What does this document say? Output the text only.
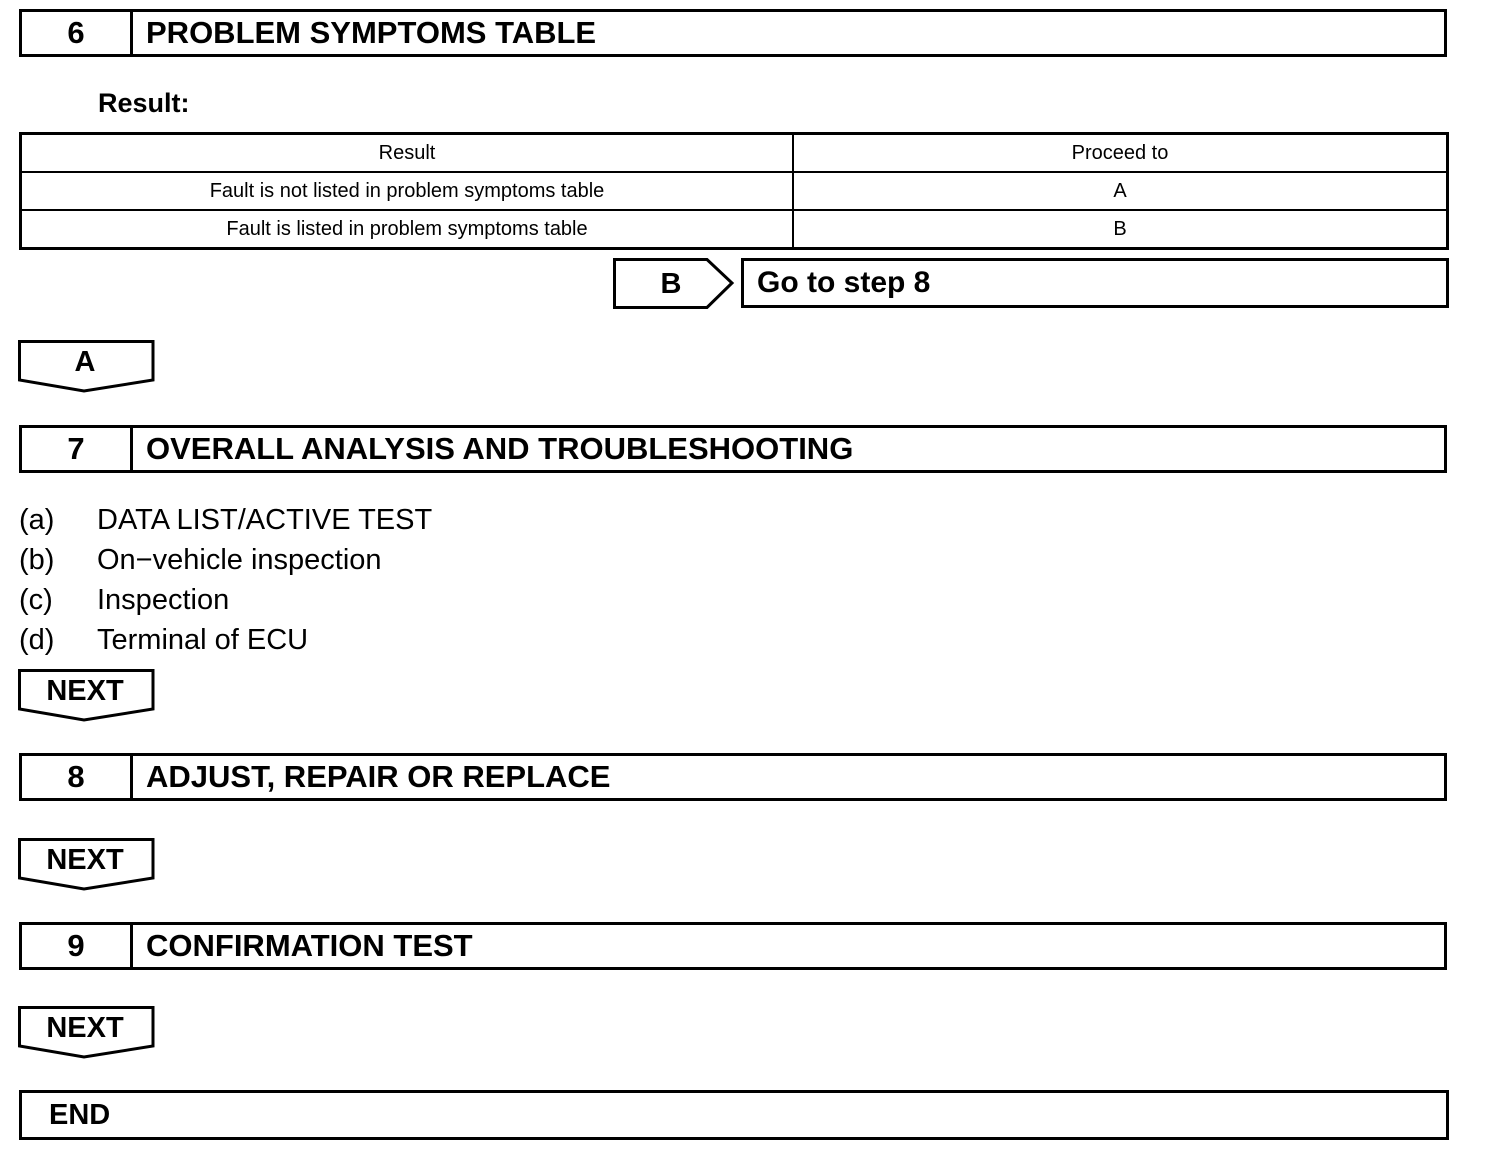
6	PROBLEM SYMPTOMS TABLE
Result:
Result	Proceed to
Fault is not listed in problem symptoms table	A
Fault is listed in problem symptoms table	B
B	Go to step 8
A
7	OVERALL ANALYSIS AND TROUBLESHOOTING
(a) DATA LIST/ACTIVE TEST
(b) On−vehicle inspection
(c) Inspection
(d) Terminal of ECU
NEXT
8	ADJUST, REPAIR OR REPLACE
NEXT
9	CONFIRMATION TEST
NEXT
END
